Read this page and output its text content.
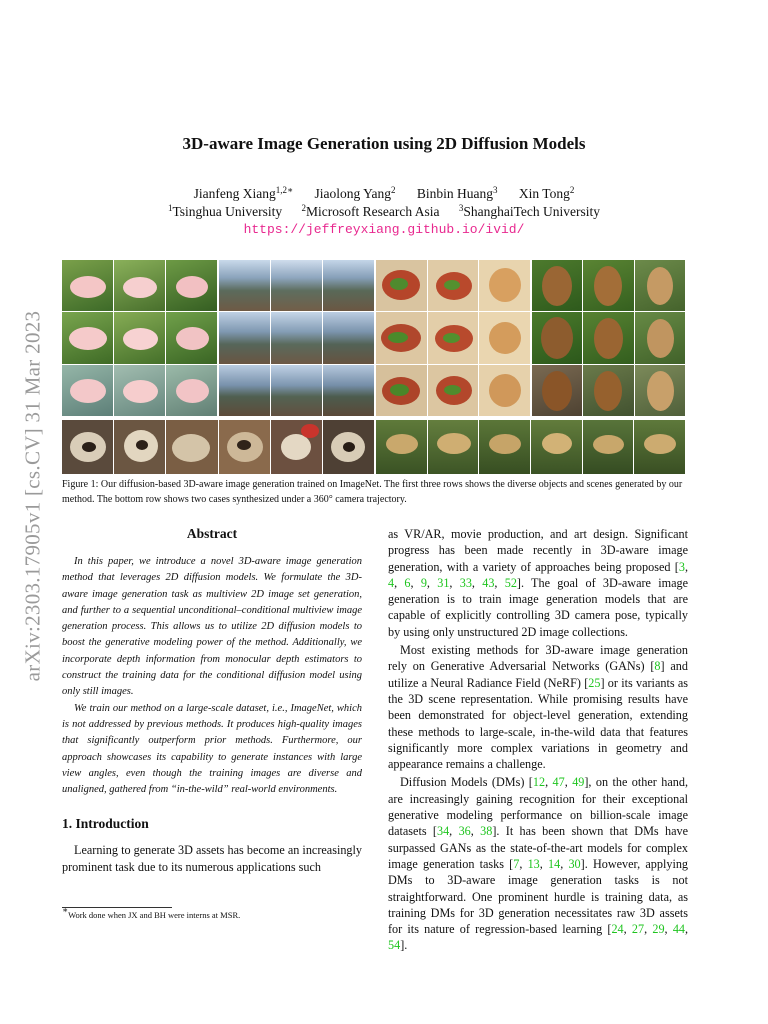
arXiv:2303.17905v1 [cs.CV] 31 Mar 2023
3D-aware Image Generation using 2D Diffusion Models
Jianfeng Xiang$^{1,2∗}$ Jiaolong Yang$^2$ Binbin Huang$^3$ Xin Tong$^2$
$^1$Tsinghua University $^2$Microsoft Research Asia $^3$ShanghaiTech University
https://jeffreyxiang.github.io/ivid/
Figure 1: Our diffusion-based 3D-aware image generation trained on ImageNet. The first three rows shows the diverse objects and scenes generated by our method. The bottom row shows two cases synthesized under a 360° camera trajectory.
Abstract

In this paper, we introduce a novel 3D-aware image generation method that leverages 2D diffusion models. We formulate the 3D-aware image generation task as multiview 2D image set generation, and further to a sequential unconditional–conditional multiview image generation process. This allows us to utilize 2D diffusion models to boost the generative modeling power of the method. Additionally, we incorporate depth information from monocular depth estimators to construct the training data for the conditional diffusion model using only still images.

We train our method on a large-scale dataset, i.e., ImageNet, which is not addressed by previous methods. It produces high-quality images that significantly outperform prior methods. Furthermore, our approach showcases its capability to generate instances with large view angles, even though the training images are diverse and unaligned, gathered from “in-the-wild” real-world environments.

1. Introduction

Learning to generate 3D assets has become an increasingly prominent task due to its numerous applications such

as VR/AR, movie production, and art design. Significant progress has been made recently in 3D-aware image generation, with a variety of approaches being proposed [3, 4, 6, 9, 31, 33, 43, 52]. The goal of 3D-aware image generation is to train image generation models that are capable of explicitly controlling 3D camera pose, typically by using only unstructured 2D image collections.

Most existing methods for 3D-aware image generation rely on Generative Adversarial Networks (GANs) [8] and utilize a Neural Radiance Field (NeRF) [25] or its variants as the 3D scene representation. While promising results have been demonstrated for object-level generation, extending these methods to large-scale, in-the-wild data that features significantly more complex variations in geometry and appearance remains a challenge.

Diffusion Models (DMs) [12, 47, 49], on the other hand, are increasingly gaining recognition for their exceptional generative modeling performance on billion-scale image datasets [34, 36, 38]. It has been shown that DMs have surpassed GANs as the state-of-the-art models for complex image generation tasks [7, 13, 14, 30]. However, applying DMs to 3D-aware image generation tasks is not straightforward. One prominent hurdle is training data, as training DMs for 3D generation necessitates raw 3D assets for its nature of regression-based learning [24, 27, 29, 44, 54].

∗Work done when JX and BH were interns at MSR.
